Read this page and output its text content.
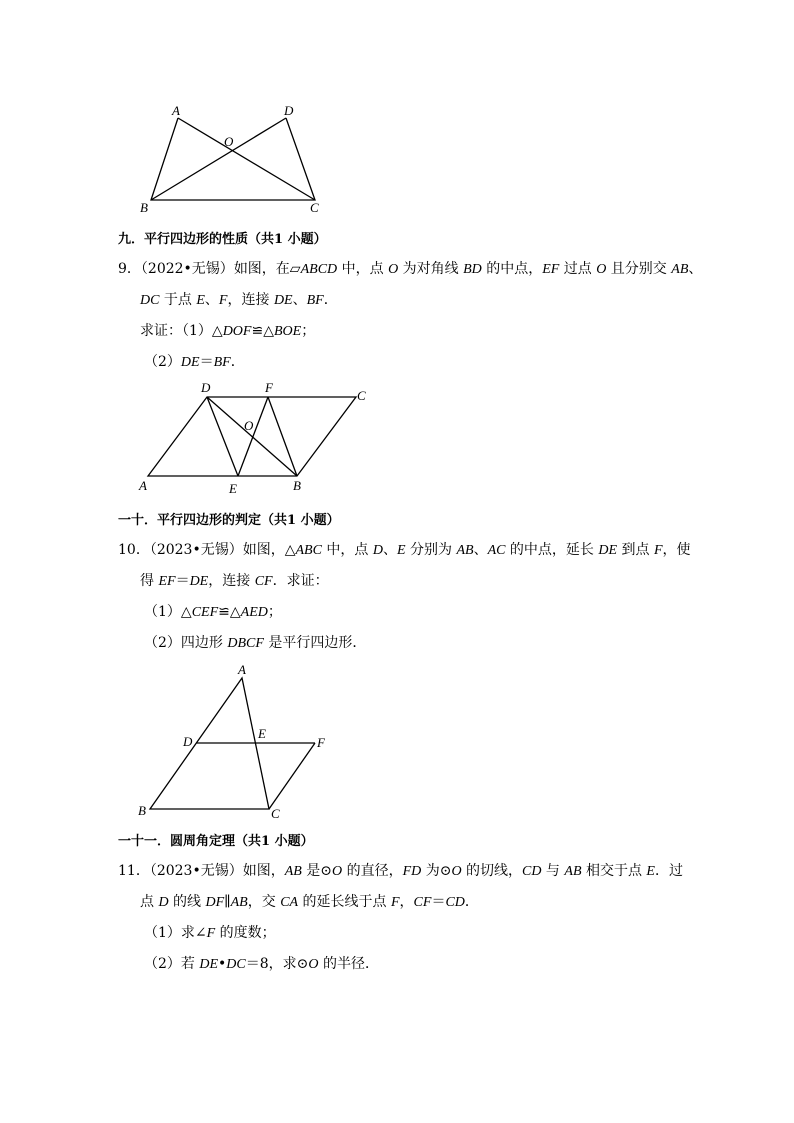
A	D
O
B	C
九．平行四边形的性质（共1 小题）
9．（2022•无锡）如图，在▱ABCD 中，点 O 为对角线 BD 的中点，EF 过点 O 且分别交 AB、
DC 于点 E、F，连接 DE、BF．
求证：（1）△DOF≌△BOE；
（2）DE＝BF．
D	F
C
O
A	E	B
一十．平行四边形的判定（共1 小题）
10．（2023•无锡）如图，△ABC 中，点 D、E 分别为 AB、AC 的中点，延长 DE 到点 F，使
得 EF＝DE，连接 CF．求证：
（1）△CEF≌△AED；
（2）四边形 DBCF 是平行四边形．
A
D
E
F
B	C
一十一．圆周角定理（共1 小题）
11．（2023•无锡）如图，AB 是⊙O 的直径，FD 为⊙O 的切线，CD 与 AB 相交于点 E．过
点 D 的线 DF∥AB，交 CA 的延长线于点 F，CF＝CD．
（1）求∠F 的度数；
（2）若 DE•DC＝8，求⊙O 的半径．
